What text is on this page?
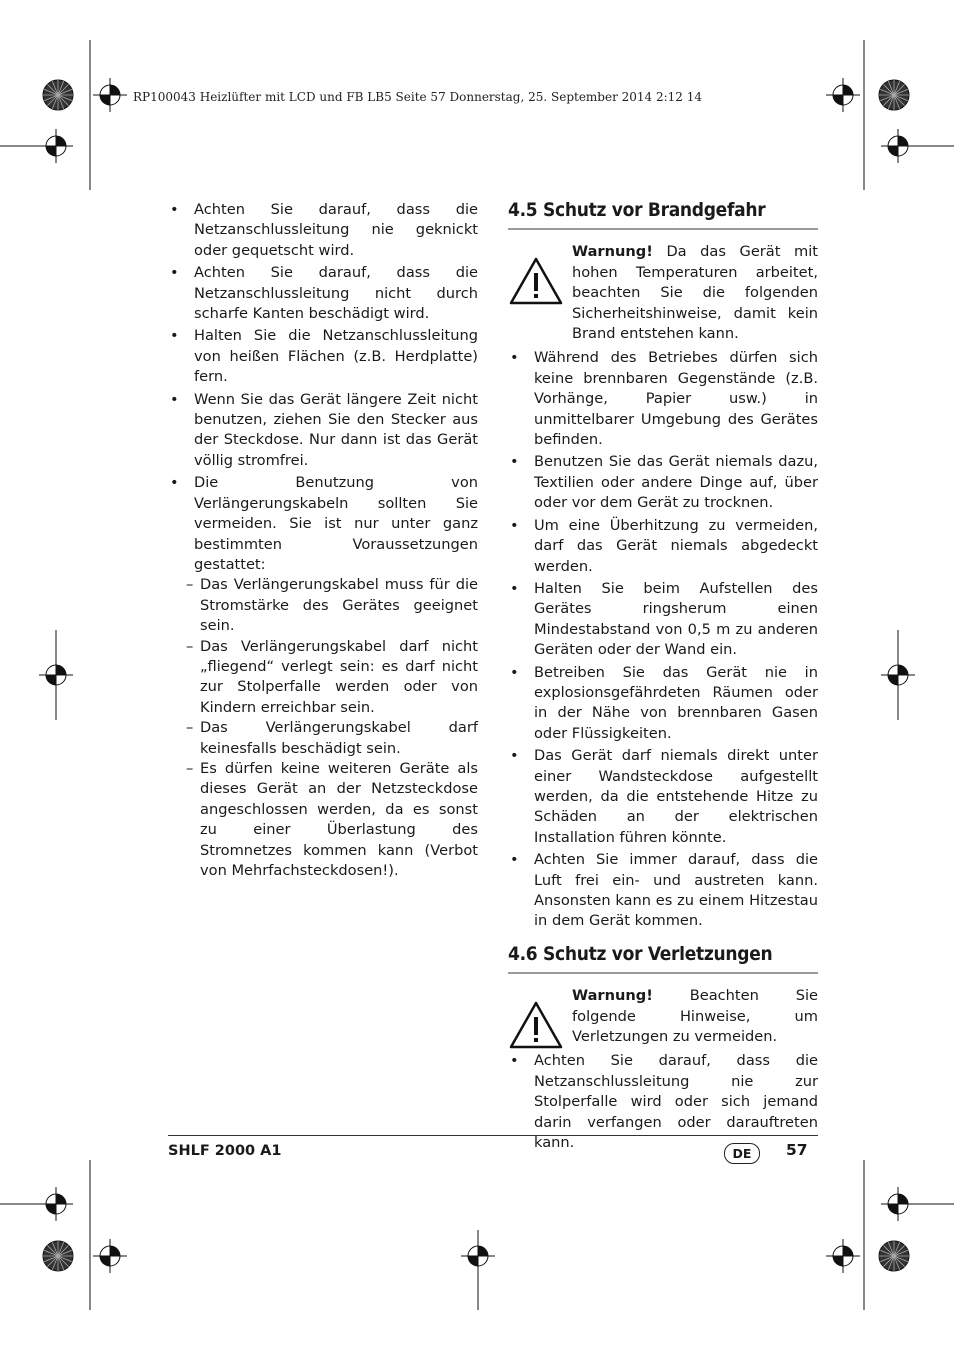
RP100043 Heizlüfter mit LCD und FB LB5 Seite 57 Donnerstag, 25. September 2014 2:12 14
• Achten Sie darauf, dass die Netzanschlussleitung nie geknickt oder gequetscht wird.
• Achten Sie darauf, dass die Netzanschlussleitung nicht durch scharfe Kanten beschädigt wird.
• Halten Sie die Netzanschlussleitung von heißen Flächen (z.B. Herdplatte) fern.
• Wenn Sie das Gerät längere Zeit nicht benutzen, ziehen Sie den Stecker aus der Steckdose. Nur dann ist das Gerät völlig stromfrei.
• Die Benutzung von Verlängerungskabeln sollten Sie vermeiden. Sie ist nur unter ganz bestimmten Voraussetzungen gestattet:
– Das Verlängerungskabel muss für die Stromstärke des Gerätes geeignet sein.
– Das Verlängerungskabel darf nicht „fliegend“ verlegt sein: es darf nicht zur Stolperfalle werden oder von Kindern erreichbar sein.
– Das Verlängerungskabel darf keinesfalls beschädigt sein.
– Es dürfen keine weiteren Geräte als dieses Gerät an der Netzsteckdose angeschlossen werden, da es sonst zu einer Überlastung des Stromnetzes kommen kann (Verbot von Mehrfachsteckdosen!).
4.5 Schutz vor Brandgefahr
Warnung! Da das Gerät mit hohen Temperaturen arbeitet, beachten Sie die folgenden Sicherheitshinweise, damit kein Brand entstehen kann.
• Während des Betriebes dürfen sich keine brennbaren Gegenstände (z.B. Vorhänge, Papier usw.) in unmittelbarer Umgebung des Gerätes befinden.
• Benutzen Sie das Gerät niemals dazu, Textilien oder andere Dinge auf, über oder vor dem Gerät zu trocknen.
• Um eine Überhitzung zu vermeiden, darf das Gerät niemals abgedeckt werden.
• Halten Sie beim Aufstellen des Gerätes ringsherum einen Mindestabstand von 0,5 m zu anderen Geräten oder der Wand ein.
• Betreiben Sie das Gerät nie in explosionsgefährdeten Räumen oder in der Nähe von brennbaren Gasen oder Flüssigkeiten.
• Das Gerät darf niemals direkt unter einer Wandsteckdose aufgestellt werden, da die entstehende Hitze zu Schäden an der elektrischen Installation führen könnte.
• Achten Sie immer darauf, dass die Luft frei ein- und austreten kann. Ansonsten kann es zu einem Hitzestau in dem Gerät kommen.
4.6 Schutz vor Verletzungen
Warnung! Beachten Sie folgende Hinweise, um Verletzungen zu vermeiden.
• Achten Sie darauf, dass die Netzanschlussleitung nie zur Stolperfalle wird oder sich jemand darin verfangen oder darauftreten kann.
SHLF 2000 A1	DE	57
